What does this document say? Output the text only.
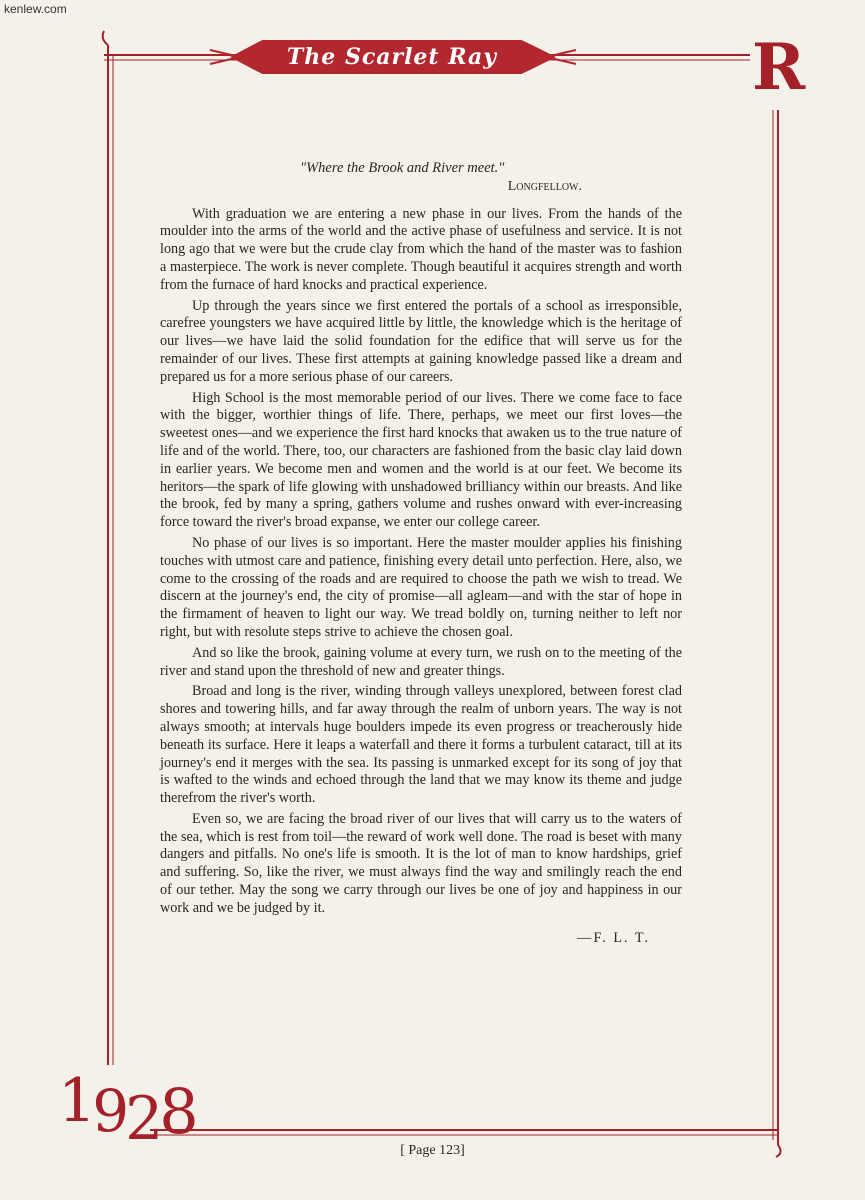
kenlew.com
The Scarlet Ray	R
1928
"Where the Brook and River meet."
Longfellow.

With graduation we are entering a new phase in our lives. From the hands of the moulder into the arms of the world and the active phase of usefulness and service. It is not long ago that we were but the crude clay from which the hand of the master was to fashion a masterpiece. The work is never complete. Though beautiful it acquires strength and worth from the furnace of hard knocks and practical experience.

Up through the years since we first entered the portals of a school as irresponsible, carefree youngsters we have acquired little by little, the knowledge which is the heritage of our lives—we have laid the solid foundation for the edifice that will serve us for the remainder of our lives. These first attempts at gaining knowledge passed like a dream and prepared us for a more serious phase of our careers.

High School is the most memorable period of our lives. There we come face to face with the bigger, worthier things of life. There, perhaps, we meet our first loves—the sweetest ones—and we experience the first hard knocks that awaken us to the true nature of life and of the world. There, too, our characters are fashioned from the basic clay laid down in earlier years. We become men and women and the world is at our feet. We become its heritors—the spark of life glowing with unshadowed brilliancy within our breasts. And like the brook, fed by many a spring, gathers volume and rushes onward with ever-increasing force toward the river's broad expanse, we enter our college career.

No phase of our lives is so important. Here the master moulder applies his finishing touches with utmost care and patience, finishing every detail unto perfection. Here, also, we come to the crossing of the roads and are required to choose the path we wish to tread. We discern at the journey's end, the city of promise—all agleam—and with the star of hope in the firmament of heaven to light our way. We tread boldly on, turning neither to left nor right, but with resolute steps strive to achieve the chosen goal.

And so like the brook, gaining volume at every turn, we rush on to the meeting of the river and stand upon the threshold of new and greater things.

Broad and long is the river, winding through valleys unexplored, between forest clad shores and towering hills, and far away through the realm of unborn years. The way is not always smooth; at intervals huge boulders impede its even progress or treacherously hide beneath its surface. Here it leaps a waterfall and there it forms a turbulent cataract, till at its journey's end it merges with the sea. Its passing is unmarked except for its song of joy that is wafted to the winds and echoed through the land that we may know its theme and judge therefrom the river's worth.

Even so, we are facing the broad river of our lives that will carry us to the waters of the sea, which is rest from toil—the reward of work well done. The road is beset with many dangers and pitfalls. No one's life is smooth. It is the lot of man to know hardships, grief and suffering. So, like the river, we must always find the way and smilingly reach the end of our tether. May the song we carry through our lives be one of joy and happiness in our work and we be judged by it.

—F. L. T.
[ Page 123]
